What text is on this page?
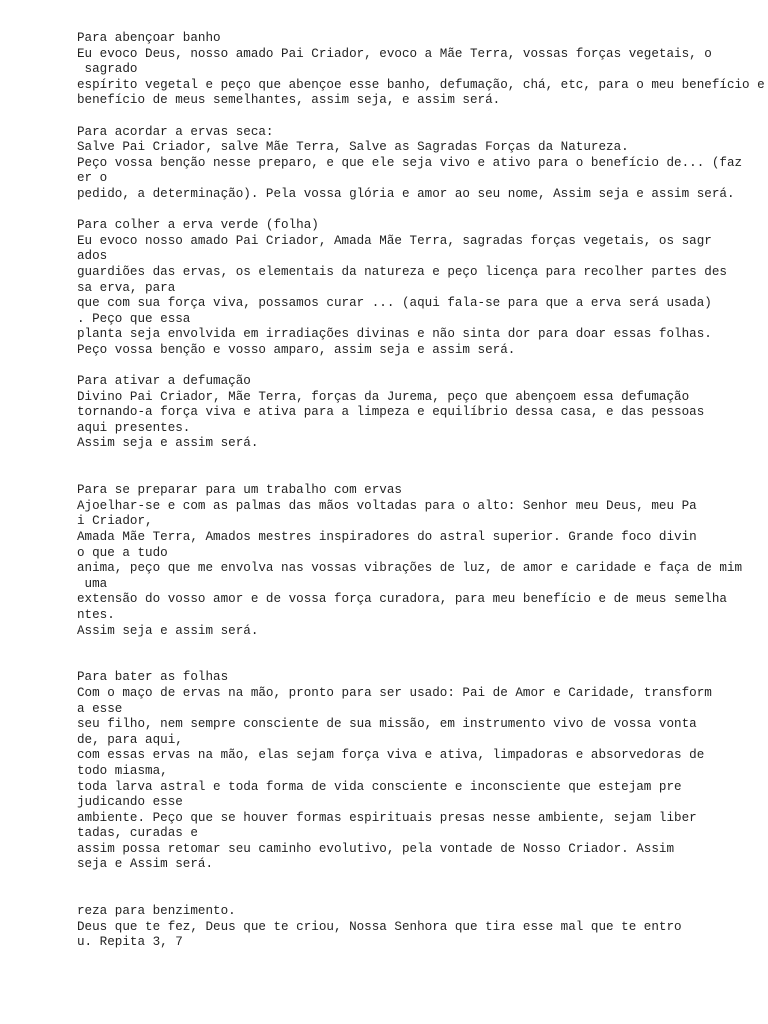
Para abençoar banho
Eu evoco Deus, nosso amado Pai Criador, evoco a Mãe Terra, vossas forças vegetais, o
sagrado
espírito vegetal e peço que abençoe esse banho, defumação, chá, etc, para o meu benefício e
benefício de meus semelhantes, assim seja, e assim será.
Para acordar a ervas seca:
Salve Pai Criador, salve Mãe Terra, Salve as Sagradas Forças da Natureza.
Peço vossa benção nesse preparo, e que ele seja vivo e ativo para o benefício de... (faz
er o
pedido, a determinação). Pela vossa glória e amor ao seu nome, Assim seja e assim será.
Para colher a erva verde (folha)
Eu evoco nosso amado Pai Criador, Amada Mãe Terra, sagradas forças vegetais, os sagr
ados
guardiões das ervas, os elementais da natureza e peço licença para recolher partes des
sa erva, para
que com sua força viva, possamos curar ... (aqui fala-se para que a erva será usada)
. Peço que essa
planta seja envolvida em irradiações divinas e não sinta dor para doar essas folhas.
Peço vossa benção e vosso amparo, assim seja e assim será.
Para ativar a defumação
Divino Pai Criador, Mãe Terra, forças da Jurema, peço que abençoem essa defumação
tornando-a força viva e ativa para a limpeza e equilíbrio dessa casa, e das pessoas
aqui presentes.
Assim seja e assim será.
Para se preparar para um trabalho com ervas
Ajoelhar-se e com as palmas das mãos voltadas para o alto: Senhor meu Deus, meu Pa
i Criador,
Amada Mãe Terra, Amados mestres inspiradores do astral superior. Grande foco divin
o que a tudo
anima, peço que me envolva nas vossas vibrações de luz, de amor e caridade e faça de mim
uma
extensão do vosso amor e de vossa força curadora, para meu benefício e de meus semelha
ntes.
Assim seja e assim será.
Para bater as folhas
Com o maço de ervas na mão, pronto para ser usado: Pai de Amor e Caridade, transform
a esse
seu filho, nem sempre consciente de sua missão, em instrumento vivo de vossa vonta
de, para aqui,
com essas ervas na mão, elas sejam força viva e ativa, limpadoras e absorvedoras de
todo miasma,
toda larva astral e toda forma de vida consciente e inconsciente que estejam pre
judicando esse
ambiente. Peço que se houver formas espirituais presas nesse ambiente, sejam liber
tadas, curadas e
assim possa retomar seu caminho evolutivo, pela vontade de Nosso Criador. Assim
seja e Assim será.
reza para benzimento.
Deus que te fez, Deus que te criou, Nossa Senhora que tira esse mal que te entro
u. Repita 3, 7
